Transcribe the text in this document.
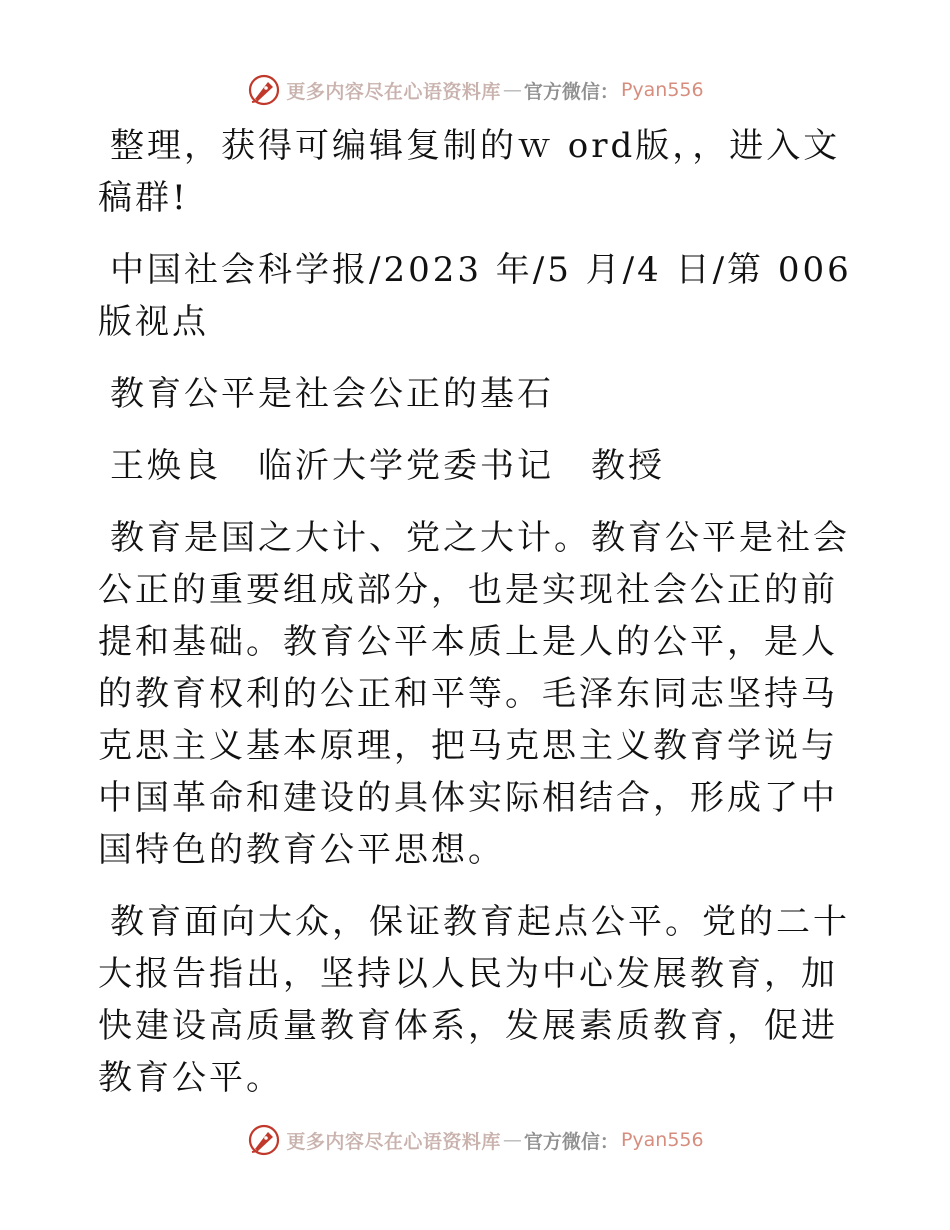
更多内容尽在心语资料库 — 官方微信： Pyan556

整理，获得可编辑复制的ｗ ord版，，进入文稿群!

中国社会科学报/2023 年/5 月/4 日/第 006 版视点

教育公平是社会公正的基石

王焕良　临沂大学党委书记　教授

教育是国之大计、党之大计。教育公平是社会公正的重要组成部分，也是实现社会公正的前提和基础。教育公平本质上是人的公平，是人的教育权利的公正和平等。毛泽东同志坚持马克思主义基本原理，把马克思主义教育学说与中国革命和建设的具体实际相结合，形成了中国特色的教育公平思想。

教育面向大众，保证教育起点公平。党的二十大报告指出，坚持以人民为中心发展教育，加快建设高质量教育体系，发展素质教育，促进教育公平。

更多内容尽在心语资料库 — 官方微信： Pyan556
